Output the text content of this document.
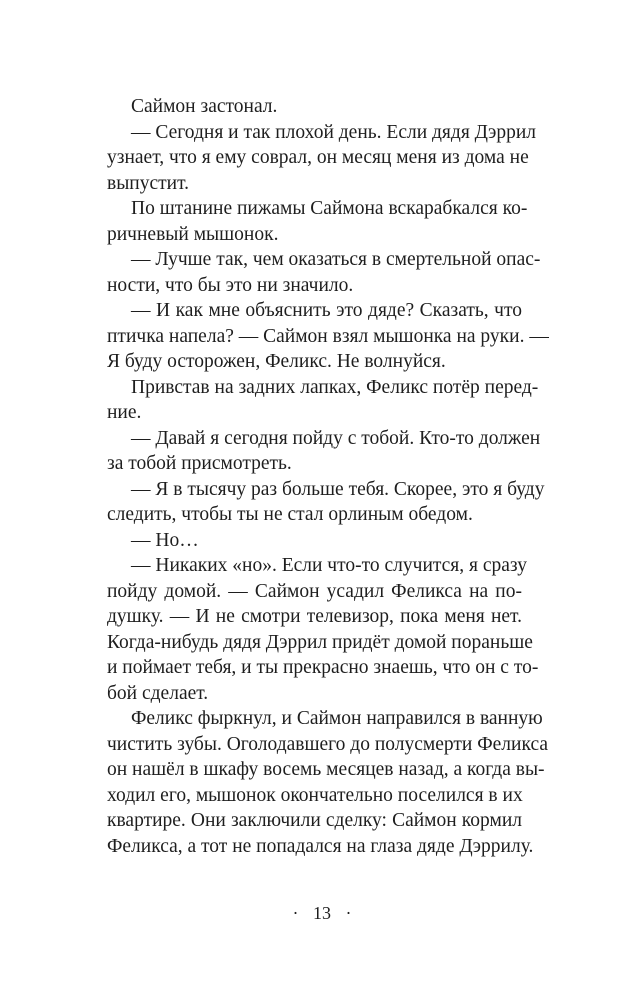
Саймон застонал.
— Сегодня и так плохой день. Если дядя Дэррил
узнает, что я ему соврал, он месяц меня из дома не
выпустит.
По штанине пижамы Саймона вскарабкался ко-
ричневый мышонок.
— Лучше так, чем оказаться в смертельной опас-
ности, что бы это ни значило.
— И как мне объяснить это дяде? Сказать, что
птичка напела? — Саймон взял мышонка на руки. —
Я буду осторожен, Феликс. Не волнуйся.
Привстав на задних лапках, Феликс потёр перед-
ние.
— Давай я сегодня пойду с тобой. Кто-то должен
за тобой присмотреть.
— Я в тысячу раз больше тебя. Скорее, это я буду
следить, чтобы ты не стал орлиным обедом.
— Но…
— Никаких «но». Если что-то случится, я сразу
пойду домой. — Саймон усадил Феликса на по-
душку. — И не смотри телевизор, пока меня нет.
Когда-нибудь дядя Дэррил придёт домой пораньше
и поймает тебя, и ты прекрасно знаешь, что он с то-
бой сделает.
Феликс фыркнул, и Саймон направился в ванную
чистить зубы. Оголодавшего до полусмерти Феликса
он нашёл в шкафу восемь месяцев назад, а когда вы-
ходил его, мышонок окончательно поселился в их
квартире. Они заключили сделку: Саймон кормил
Феликса, а тот не попадался на глаза дяде Дэррилу.
· 13 ·
